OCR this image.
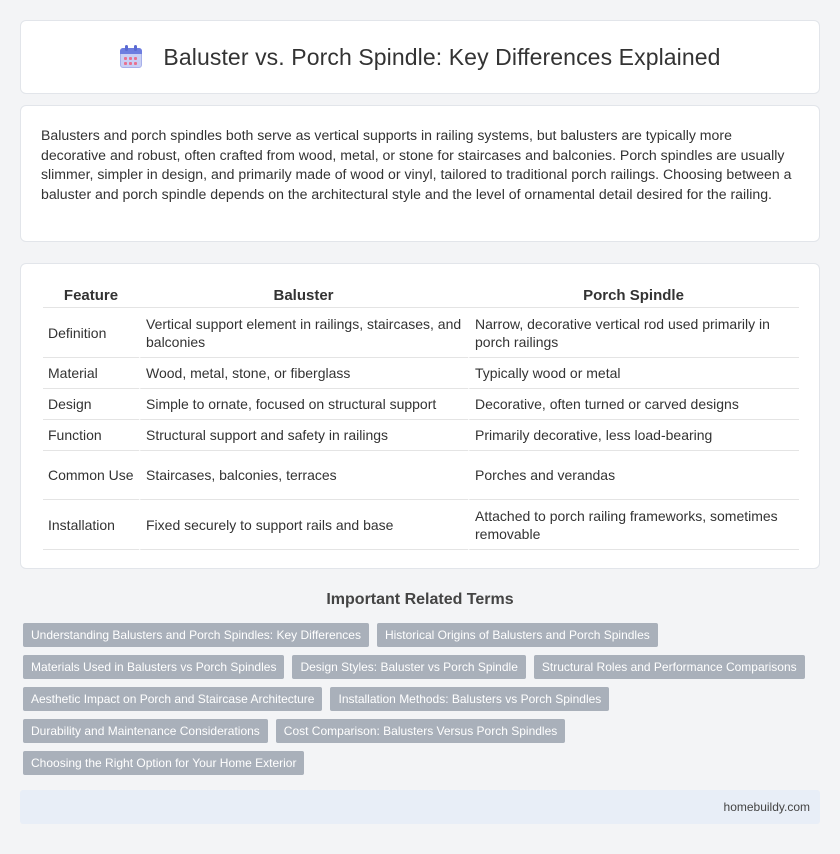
Baluster vs. Porch Spindle: Key Differences Explained

Balusters and porch spindles both serve as vertical supports in railing systems, but balusters are typically more decorative and robust, often crafted from wood, metal, or stone for staircases and balconies. Porch spindles are usually slimmer, simpler in design, and primarily made of wood or vinyl, tailored to traditional porch railings. Choosing between a baluster and porch spindle depends on the architectural style and the level of ornamental detail desired for the railing.

Feature	Baluster	Porch Spindle
Definition	Vertical support element in railings, staircases, and balconies	Narrow, decorative vertical rod used primarily in porch railings
Material	Wood, metal, stone, or fiberglass	Typically wood or metal
Design	Simple to ornate, focused on structural support	Decorative, often turned or carved designs
Function	Structural support and safety in railings	Primarily decorative, less load-bearing
Common Use	Staircases, balconies, terraces	Porches and verandas
Installation	Fixed securely to support rails and base	Attached to porch railing frameworks, sometimes removable
Important Related Terms
Understanding Balusters and Porch Spindles: Key Differences	Historical Origins of Balusters and Porch Spindles
Materials Used in Balusters vs Porch Spindles	Design Styles: Baluster vs Porch Spindle	Structural Roles and Performance Comparisons
Aesthetic Impact on Porch and Staircase Architecture	Installation Methods: Balusters vs Porch Spindles
Durability and Maintenance Considerations	Cost Comparison: Balusters Versus Porch Spindles
Choosing the Right Option for Your Home Exterior
homebuildy.com
